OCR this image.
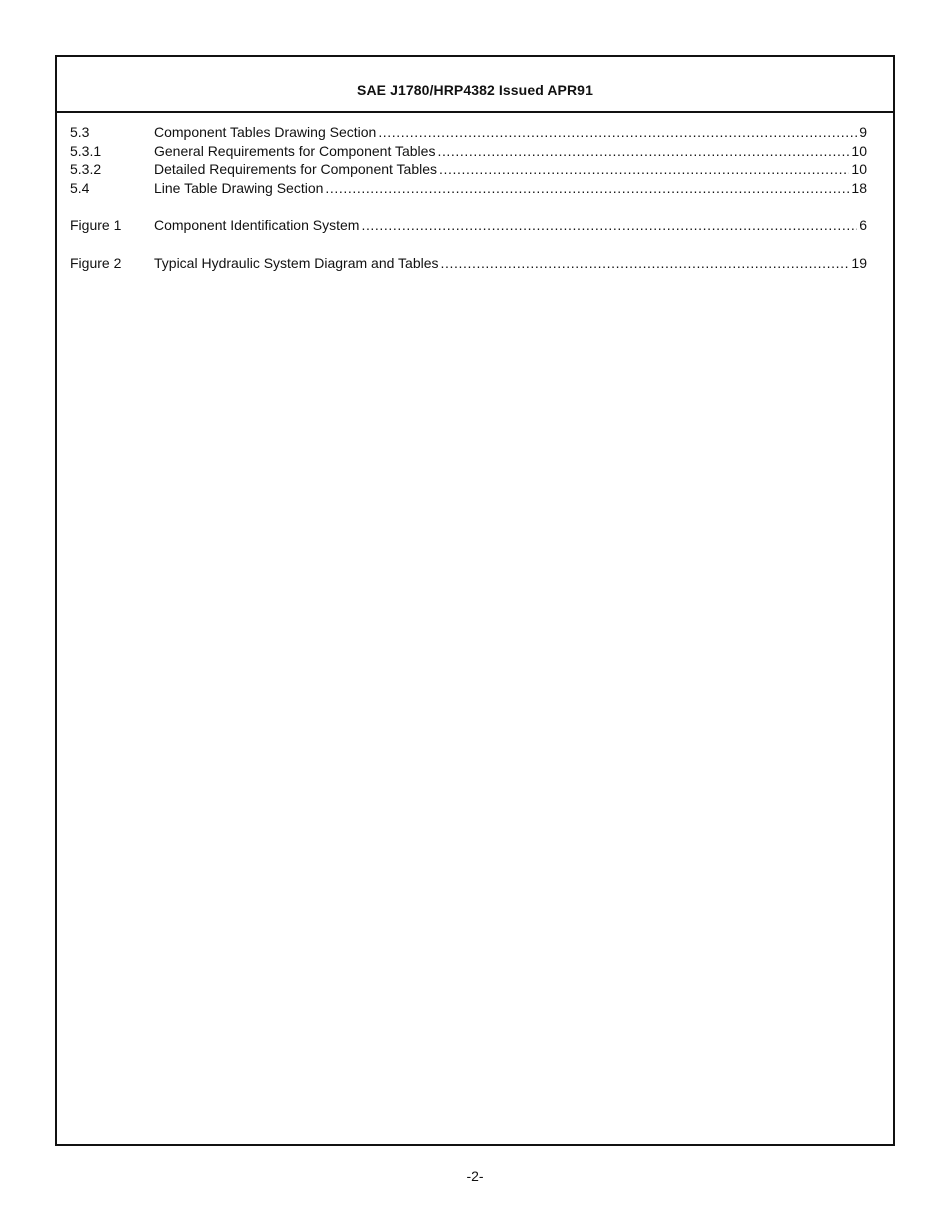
SAE J1780/HRP4382 Issued APR91
5.3	Component Tables Drawing Section .....	9
5.3.1	General Requirements for Component Tables .....	10
5.3.2	Detailed Requirements for Component Tables .....	10
5.4	Line Table Drawing Section .....	18
Figure 1	Component Identification System .....	6
Figure 2	Typical Hydraulic System Diagram and Tables .....	19
-2-
